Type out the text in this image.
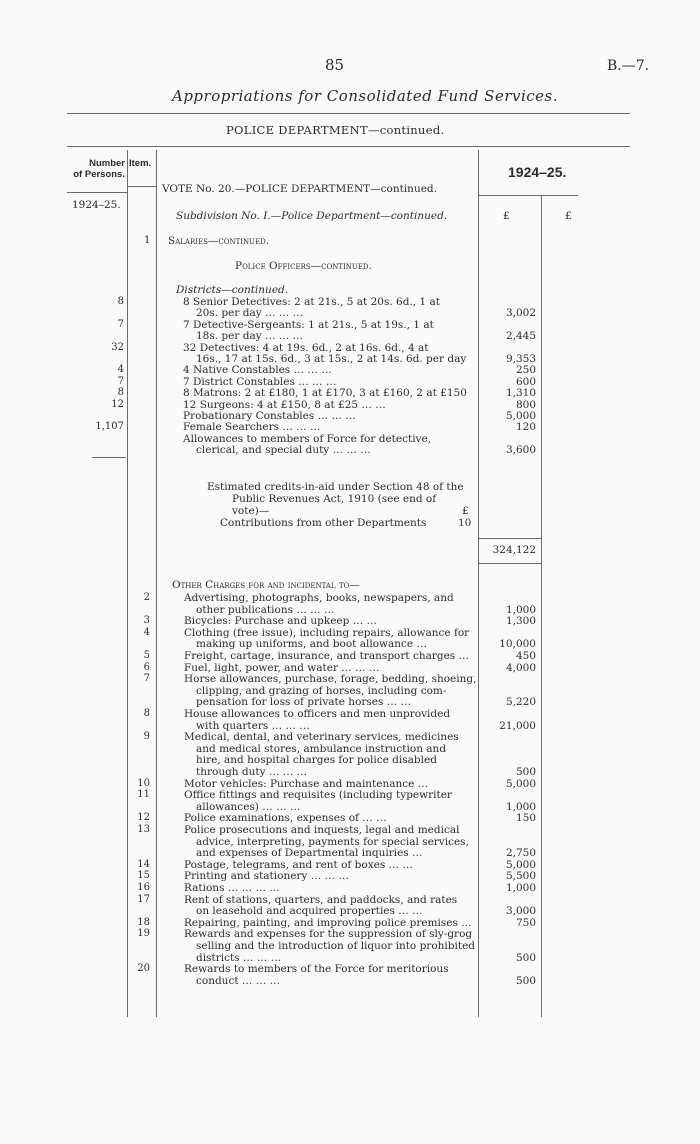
85	B.—7.
Appropriations for Consolidated Fund Services.
POLICE DEPARTMENT—continued.
Number
of Persons.
Item.
1924–25.
1924–25.
£	£
VOTE No. 20.—POLICE DEPARTMENT—continued.
Subdivision No. I.—Police Department—continued.
1 Salaries—continued.
Police Officers—continued.
Districts—continued.
8	8 Senior Detectives: 2 at 21s., 5 at 20s. 6d., 1 at
20s. per day … … …	3,002
7	7 Detective-Sergeants: 1 at 21s., 5 at 19s., 1 at
18s. per day … … …	2,445
32	32 Detectives: 4 at 19s. 6d., 2 at 16s. 6d., 4 at
16s., 17 at 15s. 6d., 3 at 15s., 2 at 14s. 6d. per day	9,353
4	4 Native Constables … … …	250
7	7 District Constables … … …	600
8	8 Matrons: 2 at £180, 1 at £170, 3 at £160, 2 at £150	1,310
12	12 Surgeons: 4 at £150, 8 at £25 … …	800
Probationary Constables … … …	5,000
1,107	Female Searchers … … …	120
Allowances to members of Force for detective,
clerical, and special duty … … …	3,600
Estimated credits-in-aid under Section 48 of the
Public Revenues Act, 1910 (see end of
vote)—	£
Contributions from other Departments	10
324,122
Other Charges for and incidental to—
2	Advertising, photographs, books, newspapers, and
other publications … … …	1,000
3	Bicycles: Purchase and upkeep … …	1,300
4	Clothing (free issue), including repairs, allowance for
making up uniforms, and boot allowance …	10,000
5	Freight, cartage, insurance, and transport charges …	450
6	Fuel, light, power, and water … … …	4,000
7	Horse allowances, purchase, forage, bedding, shoeing,
clipping, and grazing of horses, including com-
pensation for loss of private horses … …	5,220
8	House allowances to officers and men unprovided
with quarters … … …	21,000
9	Medical, dental, and veterinary services, medicines
and medical stores, ambulance instruction and
hire, and hospital charges for police disabled
through duty … … …	500
10	Motor vehicles: Purchase and maintenance …	5,000
11	Office fittings and requisites (including typewriter
allowances) … … …	1,000
12	Police examinations, expenses of … …	150
13	Police prosecutions and inquests, legal and medical
advice, interpreting, payments for special services,
and expenses of Departmental inquiries …	2,750
14	Postage, telegrams, and rent of boxes … …	5,000
15	Printing and stationery … … …	5,500
16	Rations … … … …	1,000
17	Rent of stations, quarters, and paddocks, and rates
on leasehold and acquired properties … …	3,000
18	Repairing, painting, and improving police premises …	750
19	Rewards and expenses for the suppression of sly-grog
selling and the introduction of liquor into prohibited
districts … … …	500
20	Rewards to members of the Force for meritorious
conduct … … …	500
